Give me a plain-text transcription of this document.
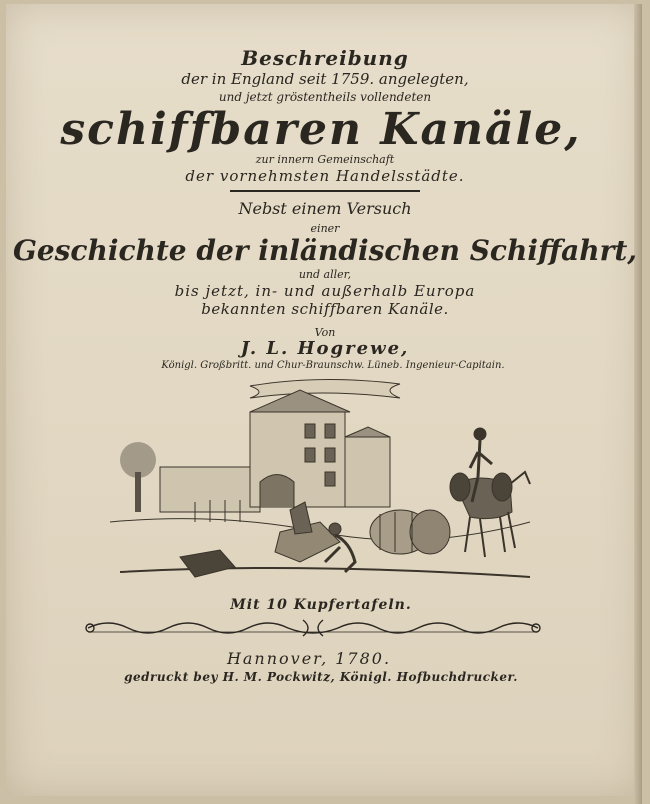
Beschreibung
der in England seit 1759. angelegten,
und jetzt gröstentheils vollendeten
schiffbaren Kanäle,
zur innern Gemeinschaft
der vornehmsten Handelsstädte.
Nebst einem Versuch
einer
Geschichte der inländischen Schiffahrt,
und aller,
bis jetzt, in- und außerhalb Europa
bekannten schiffbaren Kanäle.
Von
J. L. Hogrewe,
Königl. Großbritt. und Chur-Braunschw. Lüneb. Ingenieur-Capitain.
Mit 10 Kupfertafeln.
Hannover, 1780.
gedruckt bey H. M. Pockwitz, Königl. Hofbuchdrucker.
